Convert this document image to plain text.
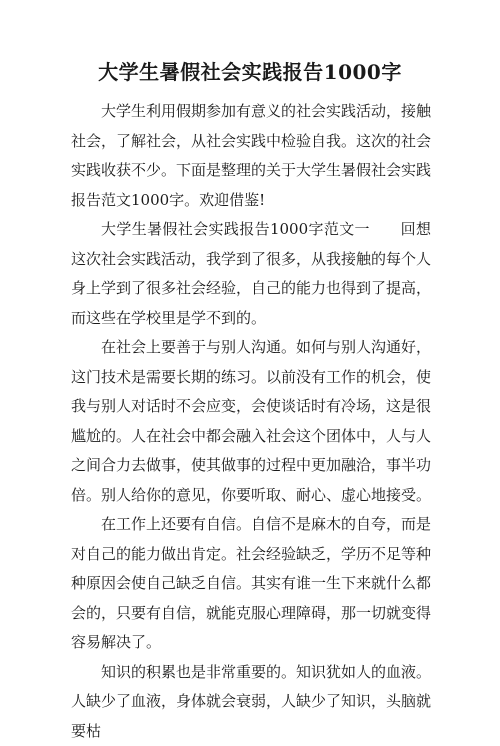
大学生暑假社会实践报告1000字

大学生利用假期参加有意义的社会实践活动，接触社会，了解社会，从社会实践中检验自我。这次的社会实践收获不少。下面是整理的关于大学生暑假社会实践报告范文1000字。欢迎借鉴!

大学生暑假社会实践报告1000字范文一　　回想这次社会实践活动，我学到了很多，从我接触的每个人身上学到了很多社会经验，自己的能力也得到了提高，而这些在学校里是学不到的。

在社会上要善于与别人沟通。如何与别人沟通好，这门技术是需要长期的练习。以前没有工作的机会，使我与别人对话时不会应变，会使谈话时有冷场，这是很尴尬的。人在社会中都会融入社会这个团体中，人与人之间合力去做事，使其做事的过程中更加融洽，事半功倍。别人给你的意见，你要听取、耐心、虚心地接受。

在工作上还要有自信。自信不是麻木的自夸，而是对自己的能力做出肯定。社会经验缺乏，学历不足等种种原因会使自己缺乏自信。其实有谁一生下来就什么都会的，只要有自信，就能克服心理障碍，那一切就变得容易解决了。

知识的积累也是非常重要的。知识犹如人的血液。人缺少了血液，身体就会衰弱，人缺少了知识，头脑就要枯
